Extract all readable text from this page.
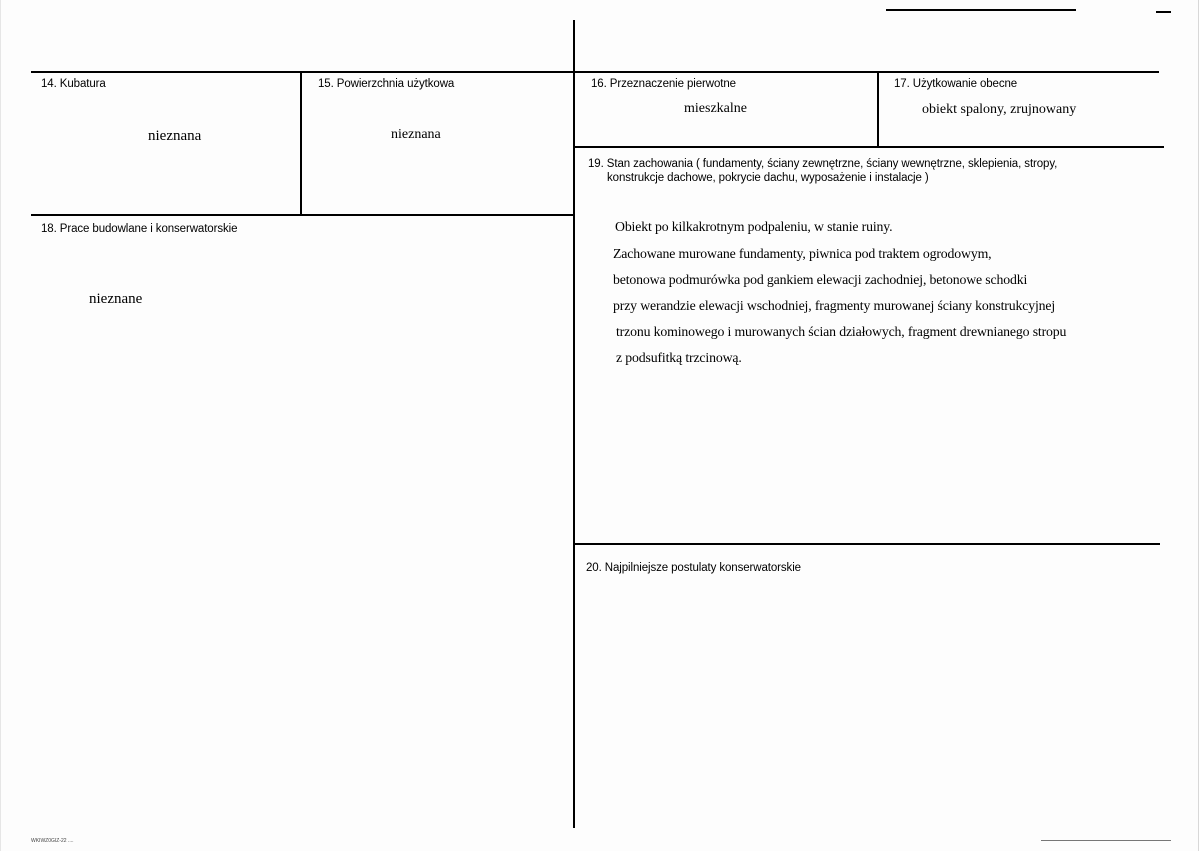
14. Kubatura
nieznana
15. Powierzchnia użytkowa
nieznana
16. Przeznaczenie pierwotne
mieszkalne
17. Użytkowanie obecne
obiekt spalony, zrujnowany
18. Prace budowlane i konserwatorskie
nieznane
19. Stan zachowania ( fundamenty, ściany zewnętrzne, ściany wewnętrzne, sklepienia, stropy,
konstrukcje dachowe, pokrycie dachu, wyposażenie i instalacje )
Obiekt po kilkakrotnym podpaleniu, w stanie ruiny.
Zachowane murowane fundamenty, piwnica pod traktem ogrodowym,
betonowa podmurówka pod gankiem elewacji zachodniej, betonowe schodki
przy werandzie elewacji wschodniej, fragmenty murowanej ściany konstrukcyjnej
trzonu kominowego i murowanych ścian działowych, fragment drewnianego stropu
z podsufitką trzcinową.
20. Najpilniejsze postulaty konserwatorskie
WKIWZ0GIZ-22 ....
